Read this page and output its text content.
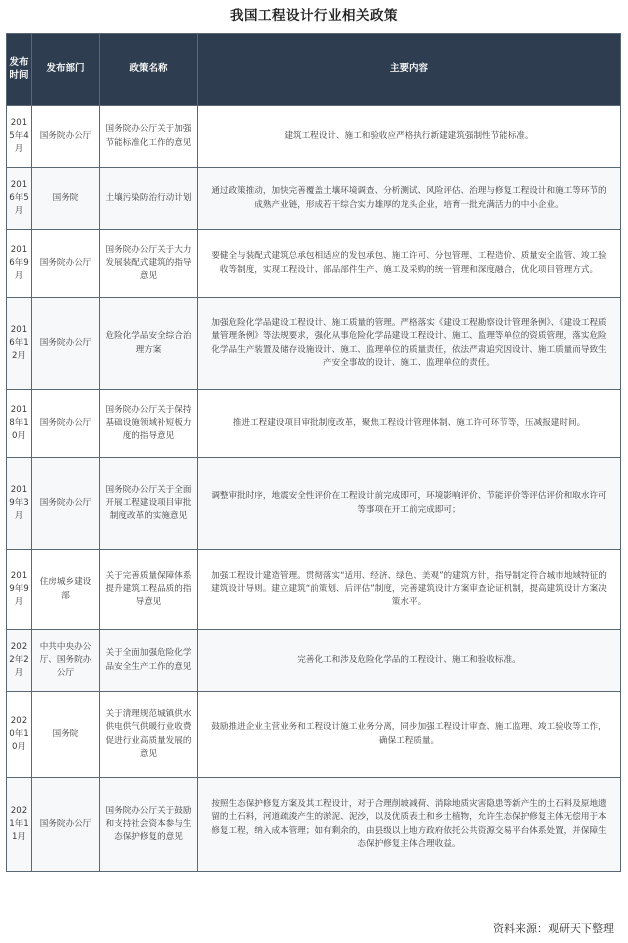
我国工程设计行业相关政策
发布时间	发布部门	政策名称	主要内容
2015年4月	国务院办公厅	国务院办公厅关于加强节能标准化工作的意见	建筑工程设计、施工和验收应严格执行新建建筑强制性节能标准。
2016年5月	国务院	土壤污染防治行动计划	通过政策推动，加快完善覆盖土壤环境调查、分析测试、风险评估、治理与修复工程设计和施工等环节的成熟产业链，形成若干综合实力雄厚的龙头企业，培育一批充满活力的中小企业。
2016年9月	国务院办公厅	国务院办公厅关于大力发展装配式建筑的指导意见	要健全与装配式建筑总承包相适应的发包承包、施工许可、分包管理、工程造价、质量安全监管、竣工验收等制度，实现工程设计、部品部件生产、施工及采购的统一管理和深度融合，优化项目管理方式。
2016年12月	国务院办公厅	危险化学品安全综合治理方案	加强危险化学品建设工程设计、施工质量的管理。严格落实《建设工程勘察设计管理条例》、《建设工程质量管理条例》等法规要求，强化从事危险化学品建设工程设计、施工、监理等单位的资质管理，落实危险化学品生产装置及储存设施设计、施工、监理单位的质量责任，依法严肃追究因设计、施工质量而导致生产安全事故的设计、施工、监理单位的责任。
2018年10月	国务院办公厅	国务院办公厅关于保持基础设施领域补短板力度的指导意见	推进工程建设项目审批制度改革，聚焦工程设计管理体制、施工许可环节等，压减报建时间。
2019年3月	国务院办公厅	国务院办公厅关于全面开展工程建设项目审批制度改革的实施意见	调整审批时序，地震安全性评价在工程设计前完成即可，环境影响评价、节能评价等评估评价和取水许可等事项在开工前完成即可；
2019年9月	住房城乡建设部	关于完善质量保障体系提升建筑工程品质的指导意见	加强工程设计建造管理。贯彻落实“适用、经济、绿色、美观”的建筑方针，指导制定符合城市地域特征的建筑设计导则。建立建筑“前策划、后评估”制度，完善建筑设计方案审查论证机制，提高建筑设计方案决策水平。
2022年2月	中共中央办公厅、国务院办公厅	关于全面加强危险化学品安全生产工作的意见	完善化工和涉及危险化学品的工程设计、施工和验收标准。
2020年10月	国务院	关于清理规范城镇供水供电供气供暖行业收费促进行业高质量发展的意见	鼓励推进企业主营业务和工程设计施工业务分离，同步加强工程设计审查、施工监理、竣工验收等工作，确保工程质量。
2021年11月	国务院办公厅	国务院办公厅关于鼓励和支持社会资本参与生态保护修复的意见	按照生态保护修复方案及其工程设计，对于合理削坡减荷、消除地质灾害隐患等新产生的土石料及原地遗留的土石料，河道疏浚产生的淤泥、泥沙，以及优质表土和乡土植物，允许生态保护修复主体无偿用于本修复工程，纳入成本管理；如有剩余的，由县级以上地方政府依托公共资源交易平台体系处置，并保障生态保护修复主体合理收益。
资料来源：观研天下整理
